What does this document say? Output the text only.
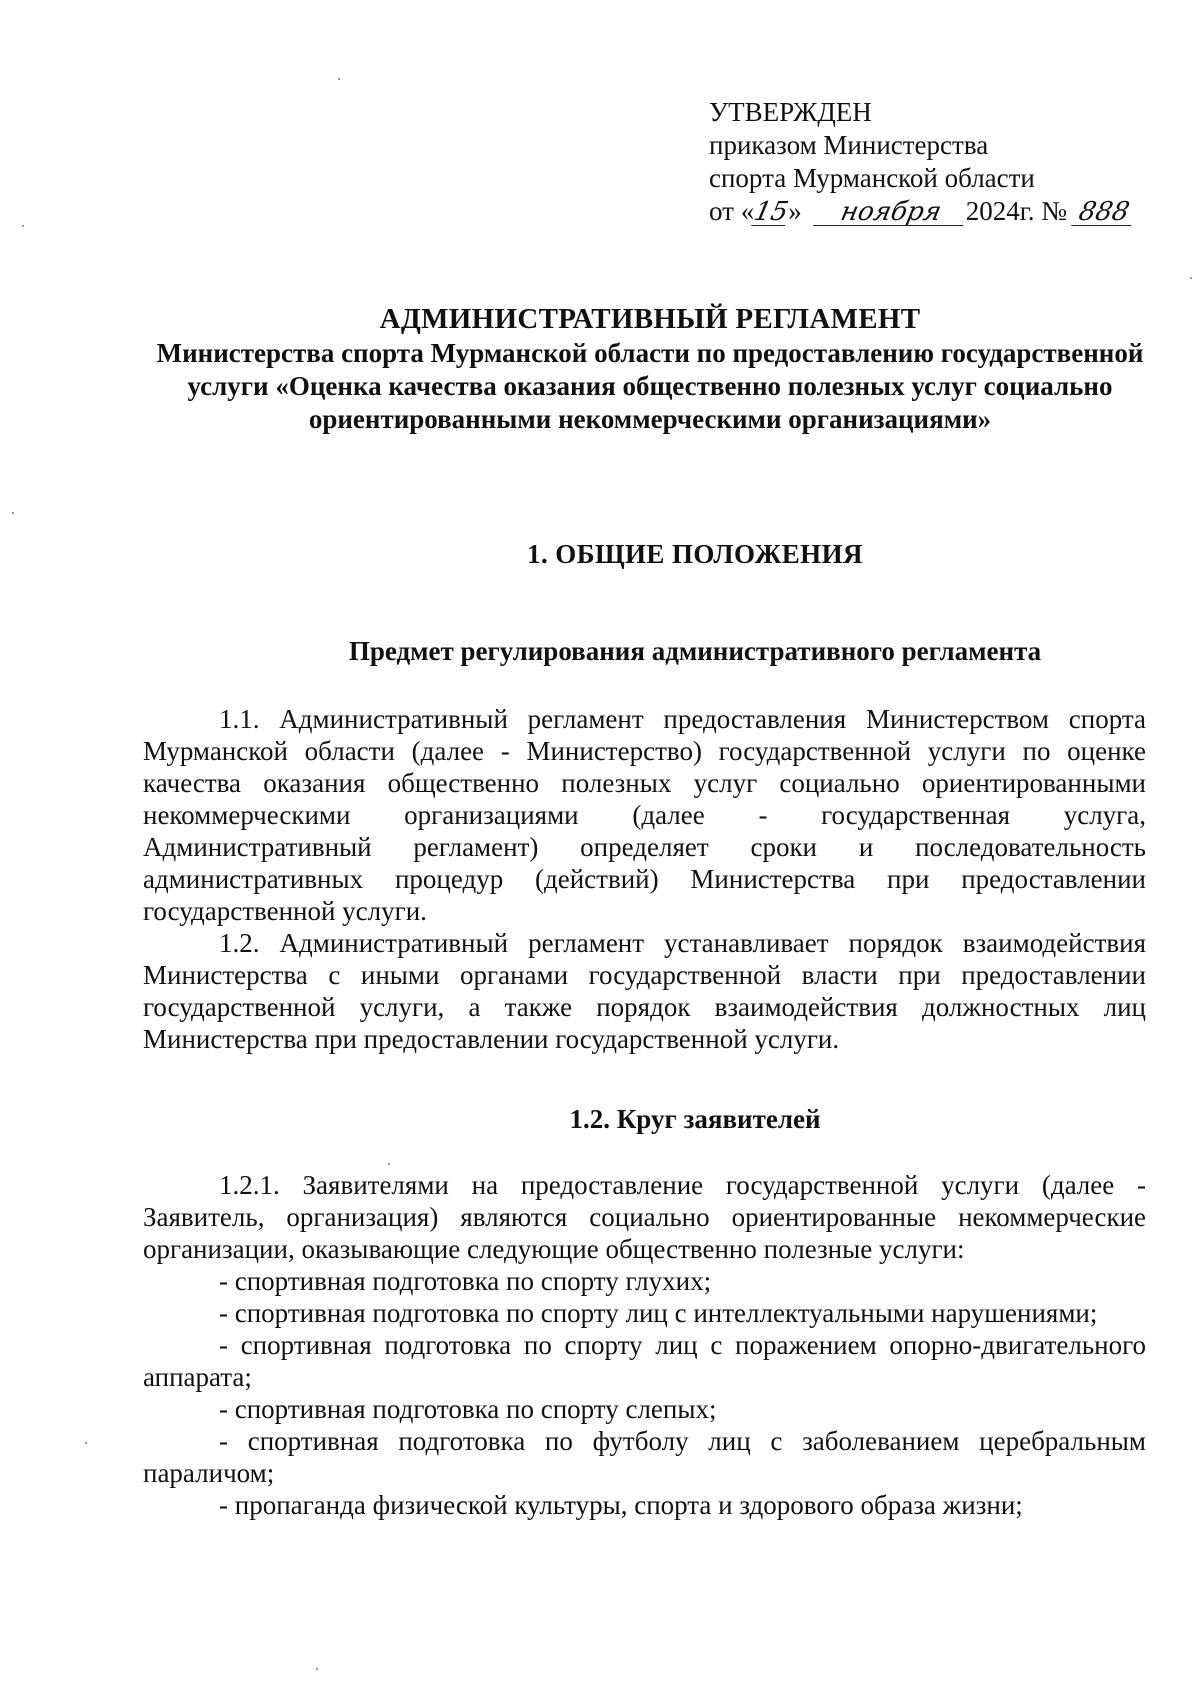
УТВЕРЖДЕН
приказом Министерства
спорта Мурманской области
от «15» ноября 2024г. № 888
АДМИНИСТРАТИВНЫЙ РЕГЛАМЕНТ
Министерства спорта Мурманской области по предоставлению государственной услуги «Оценка качества оказания общественно полезных услуг социально ориентированными некоммерческими организациями»
1. ОБЩИЕ ПОЛОЖЕНИЯ
Предмет регулирования административного регламента

1.1. Административный регламент предоставления Министерством спорта Мурманской области (далее - Министерство) государственной услуги по оценке качества оказания общественно полезных услуг социально ориентированными некоммерческими организациями (далее - государственная услуга, Административный регламент) определяет сроки и последовательность административных процедур (действий) Министерства при предоставлении государственной услуги.

1.2. Административный регламент устанавливает порядок взаимодействия Министерства с иными органами государственной власти при предоставлении государственной услуги, а также порядок взаимодействия должностных лиц Министерства при предоставлении государственной услуги.

1.2. Круг заявителей

1.2.1. Заявителями на предоставление государственной услуги (далее - Заявитель, организация) являются социально ориентированные некоммерческие организации, оказывающие следующие общественно полезные услуги:

- спортивная подготовка по спорту глухих;

- спортивная подготовка по спорту лиц с интеллектуальными нарушениями;

- спортивная подготовка по спорту лиц с поражением опорно-двигательного аппарата;

- спортивная подготовка по спорту слепых;

- спортивная подготовка по футболу лиц с заболеванием церебральным параличом;

- пропаганда физической культуры, спорта и здорового образа жизни;
